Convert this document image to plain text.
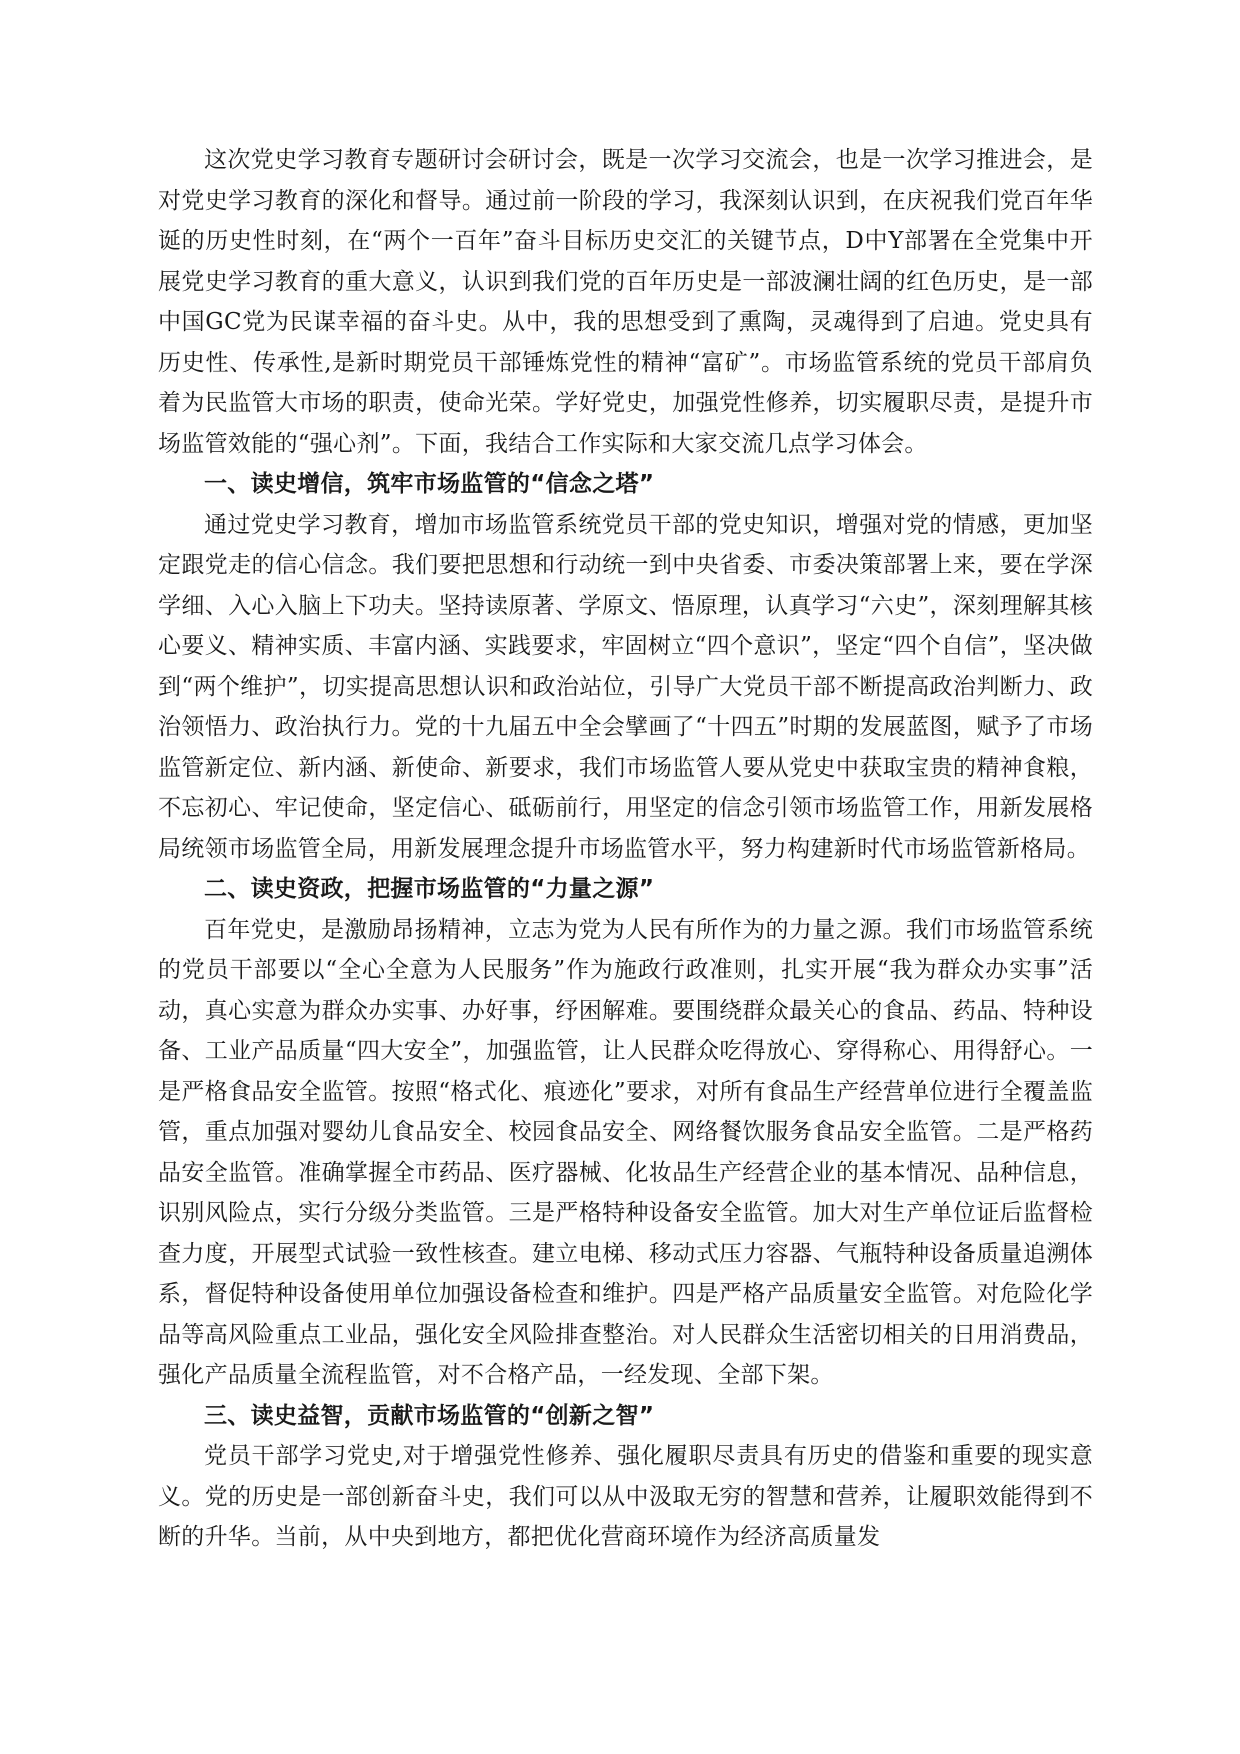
这次党史学习教育专题研讨会研讨会，既是一次学习交流会，也是一次学习推进会，是对党史学习教育的深化和督导。通过前一阶段的学习，我深刻认识到，在庆祝我们党百年华诞的历史性时刻，在“两个一百年”奋斗目标历史交汇的关键节点，D中Y部署在全党集中开展党史学习教育的重大意义，认识到我们党的百年历史是一部波澜壮阔的红色历史，是一部中国GC党为民谋幸福的奋斗史。从中，我的思想受到了熏陶，灵魂得到了启迪。党史具有历史性、传承性,是新时期党员干部锤炼党性的精神“富矿”。市场监管系统的党员干部肩负着为民监管大市场的职责，使命光荣。学好党史，加强党性修养，切实履职尽责，是提升市场监管效能的“强心剂”。下面，我结合工作实际和大家交流几点学习体会。

一、读史增信，筑牢市场监管的“信念之塔”

通过党史学习教育，增加市场监管系统党员干部的党史知识，增强对党的情感，更加坚定跟党走的信心信念。我们要把思想和行动统一到中央省委、市委决策部署上来，要在学深学细、入心入脑上下功夫。坚持读原著、学原文、悟原理，认真学习“六史”，深刻理解其核心要义、精神实质、丰富内涵、实践要求，牢固树立“四个意识”，坚定“四个自信”，坚决做到“两个维护”，切实提高思想认识和政治站位，引导广大党员干部不断提高政治判断力、政治领悟力、政治执行力。党的十九届五中全会擘画了“十四五”时期的发展蓝图，赋予了市场监管新定位、新内涵、新使命、新要求，我们市场监管人要从党史中获取宝贵的精神食粮，不忘初心、牢记使命，坚定信心、砥砺前行，用坚定的信念引领市场监管工作，用新发展格局统领市场监管全局，用新发展理念提升市场监管水平，努力构建新时代市场监管新格局。

二、读史资政，把握市场监管的“力量之源”

百年党史，是激励昂扬精神，立志为党为人民有所作为的力量之源。我们市场监管系统的党员干部要以“全心全意为人民服务”作为施政行政准则，扎实开展“我为群众办实事”活动，真心实意为群众办实事、办好事，纾困解难。要围绕群众最关心的食品、药品、特种设备、工业产品质量“四大安全”，加强监管，让人民群众吃得放心、穿得称心、用得舒心。一是严格食品安全监管。按照“格式化、痕迹化”要求，对所有食品生产经营单位进行全覆盖监管，重点加强对婴幼儿食品安全、校园食品安全、网络餐饮服务食品安全监管。二是严格药品安全监管。准确掌握全市药品、医疗器械、化妆品生产经营企业的基本情况、品种信息，识别风险点，实行分级分类监管。三是严格特种设备安全监管。加大对生产单位证后监督检查力度，开展型式试验一致性核查。建立电梯、移动式压力容器、气瓶特种设备质量追溯体系，督促特种设备使用单位加强设备检查和维护。四是严格产品质量安全监管。对危险化学品等高风险重点工业品，强化安全风险排查整治。对人民群众生活密切相关的日用消费品，强化产品质量全流程监管，对不合格产品，一经发现、全部下架。

三、读史益智，贡献市场监管的“创新之智”

党员干部学习党史,对于增强党性修养、强化履职尽责具有历史的借鉴和重要的现实意义。党的历史是一部创新奋斗史，我们可以从中汲取无穷的智慧和营养，让履职效能得到不断的升华。当前，从中央到地方，都把优化营商环境作为经济高质量发
